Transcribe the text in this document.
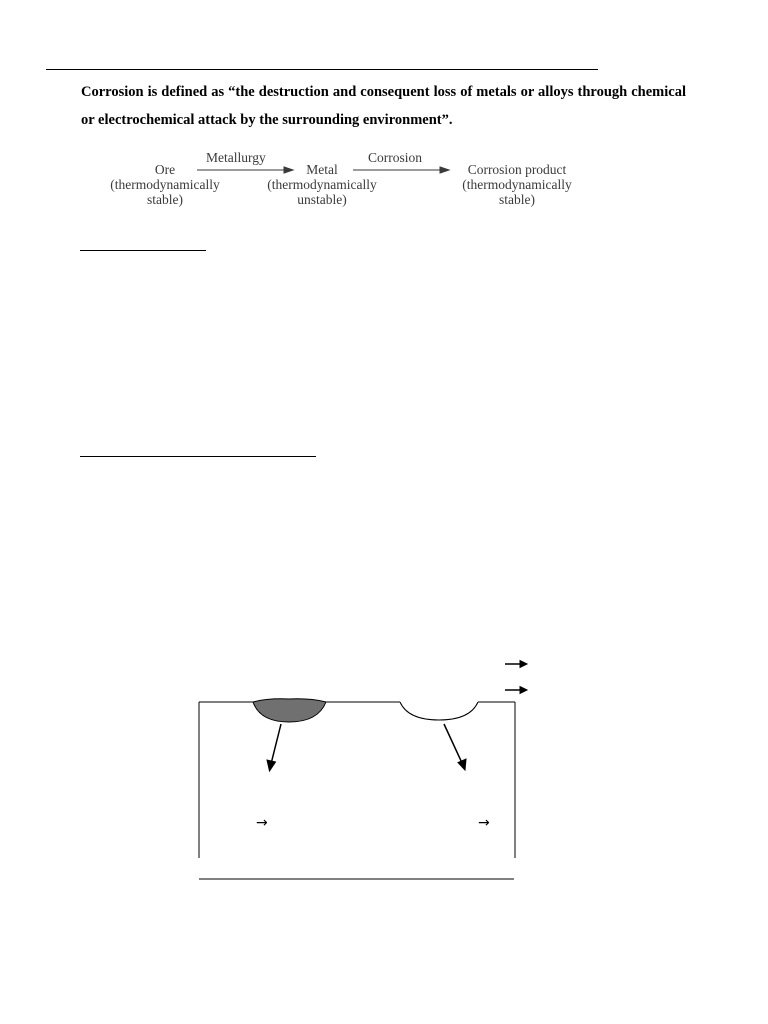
Corrosion is defined as “the destruction and consequent loss of metals or alloys through chemical or electrochemical attack by the surrounding environment”.
Ore
(thermodynamically
stable)
Metallurgy
Metal
(thermodynamically
unstable)
Corrosion
Corrosion product
(thermodynamically
stable)
→	→
